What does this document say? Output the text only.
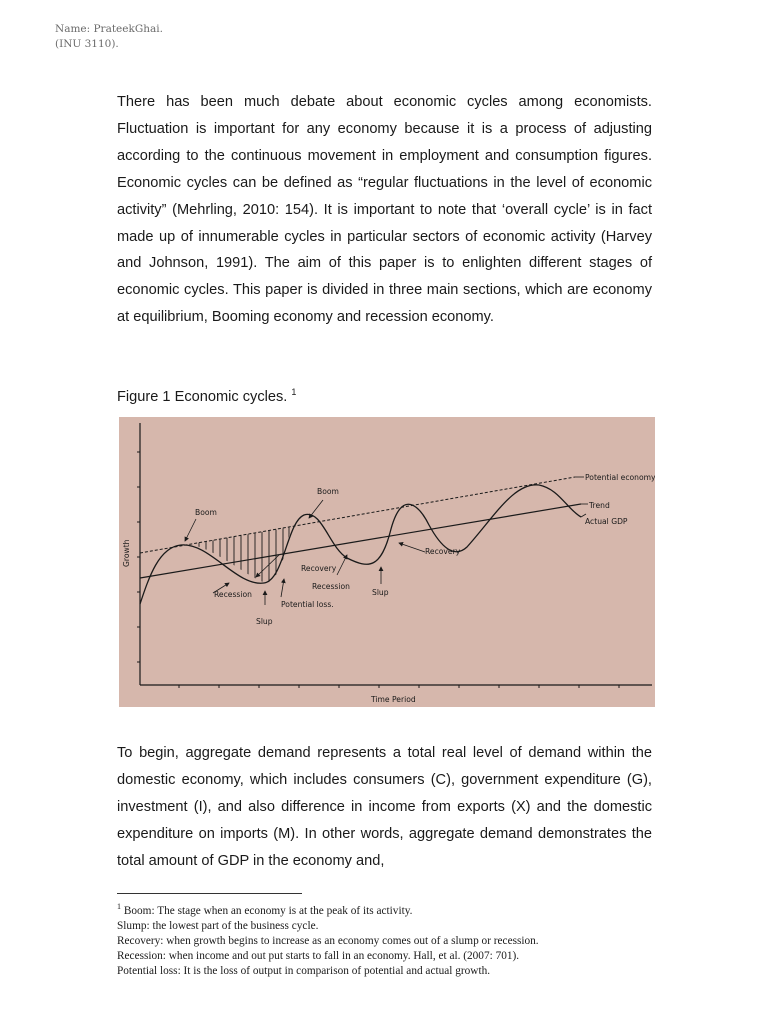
Name: PrateekGhai.
(INU 3110).

There has been much debate about economic cycles among economists. Fluctuation is important for any economy because it is a process of adjusting according to the continuous movement in employment and consumption figures. Economic cycles can be defined as “regular fluctuations in the level of economic activity” (Mehrling, 2010: 154). It is important to note that ‘overall cycle’ is in fact made up of innumerable cycles in particular sectors of economic activity (Harvey and Johnson, 1991). The aim of this paper is to enlighten different stages of economic cycles. This paper is divided in three main sections, which are economy at equilibrium, Booming economy and recession economy.

Figure 1 Economic cycles. $^1$
Potential economy
Trend
Actual GDP
Boom
Boom
Recovery
Recovery
Recession
Recession
Slup
Slup
Potential loss.
Growth
Time Period

To begin, aggregate demand represents a total real level of demand within the domestic economy, which includes consumers (C), government expenditure (G), investment (I), and also difference in income from exports (X) and the domestic expenditure on imports (M). In other words, aggregate demand demonstrates the total amount of GDP in the economy and,

$^1$ Boom: The stage when an economy is at the peak of its activity.
Slump: the lowest part of the business cycle.
Recovery: when growth begins to increase as an economy comes out of a slump or recession.
Recession: when income and out put starts to fall in an economy. Hall, et al. (2007: 701).
Potential loss: It is the loss of output in comparison of potential and actual growth.
